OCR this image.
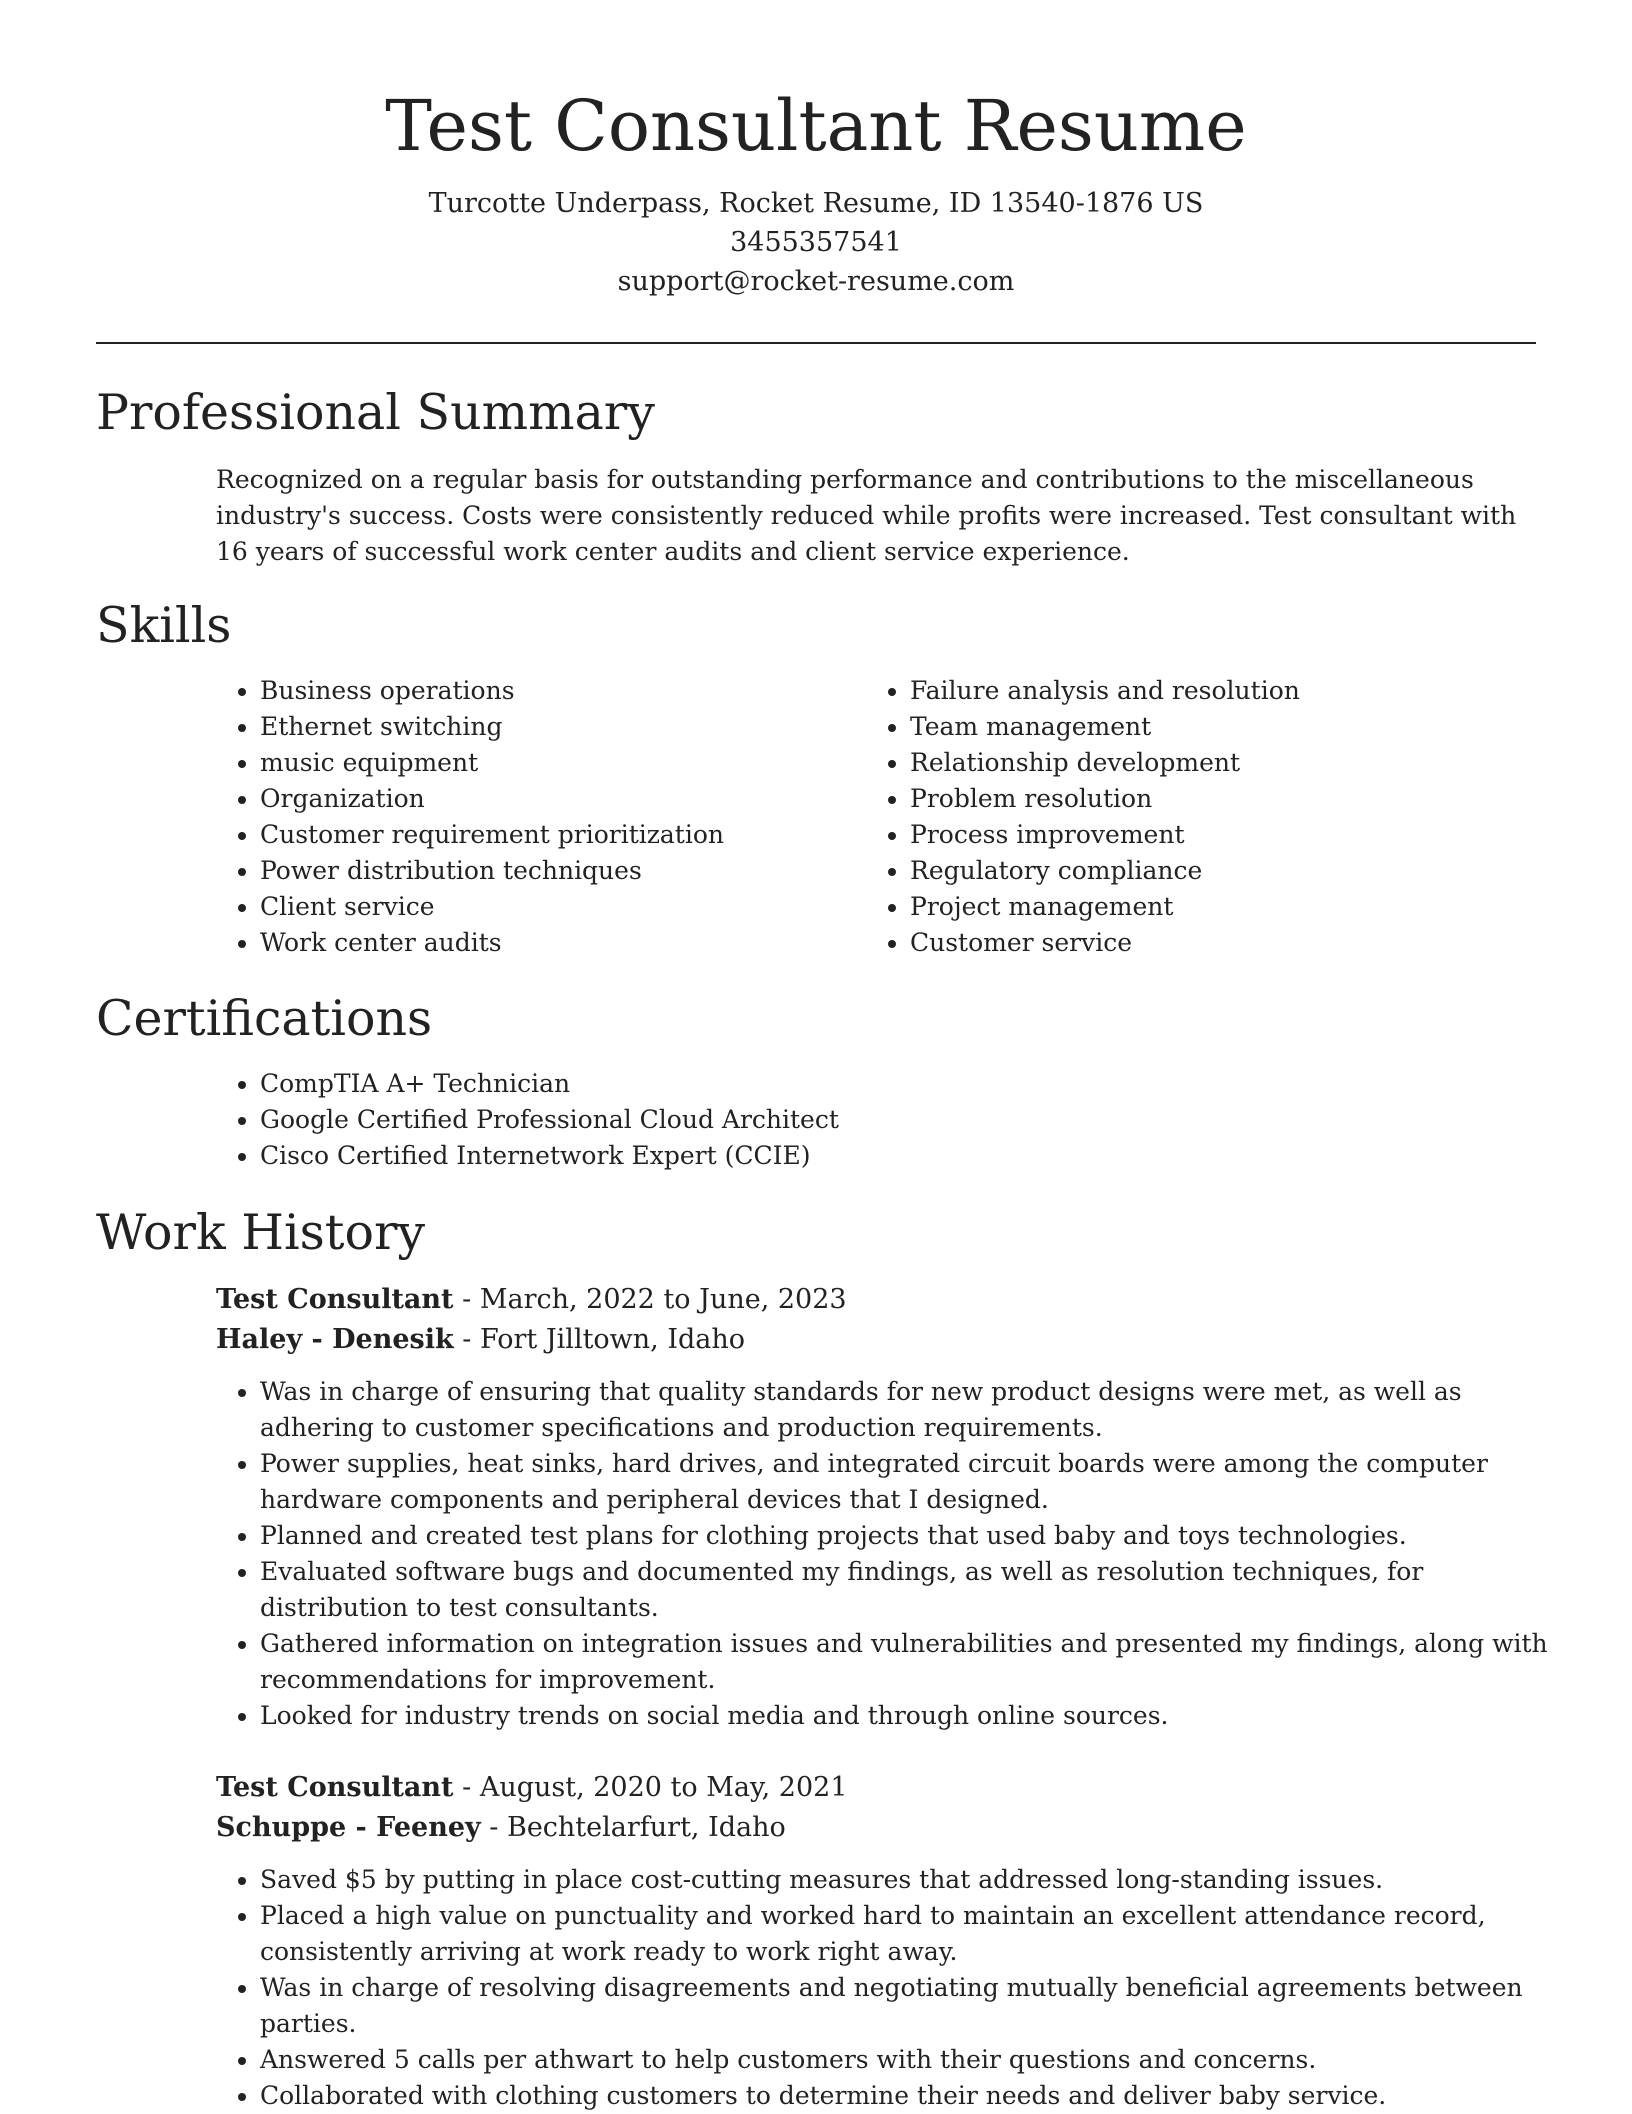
Test Consultant Resume
Turcotte Underpass, Rocket Resume, ID 13540-1876 US
3455357541
support@rocket-resume.com
Professional Summary

Recognized on a regular basis for outstanding performance and contributions to the miscellaneous industry's success. Costs were consistently reduced while profits were increased. Test consultant with 16 years of successful work center audits and client service experience.

Skills
• Business operations
• Ethernet switching
• music equipment
• Organization
• Customer requirement prioritization
• Power distribution techniques
• Client service
• Work center audits
• Failure analysis and resolution
• Team management
• Relationship development
• Problem resolution
• Process improvement
• Regulatory compliance
• Project management
• Customer service
Certifications
• CompTIA A+ Technician
• Google Certified Professional Cloud Architect
• Cisco Certified Internetwork Expert (CCIE)
Work History
Test Consultant - March, 2022 to June, 2023
Haley - Denesik - Fort Jilltown, Idaho
• Was in charge of ensuring that quality standards for new product designs were met, as well as adhering to customer specifications and production requirements.
• Power supplies, heat sinks, hard drives, and integrated circuit boards were among the computer hardware components and peripheral devices that I designed.
• Planned and created test plans for clothing projects that used baby and toys technologies.
• Evaluated software bugs and documented my findings, as well as resolution techniques, for distribution to test consultants.
• Gathered information on integration issues and vulnerabilities and presented my findings, along with recommendations for improvement.
• Looked for industry trends on social media and through online sources.
Test Consultant - August, 2020 to May, 2021
Schuppe - Feeney - Bechtelarfurt, Idaho
• Saved $5 by putting in place cost-cutting measures that addressed long-standing issues.
• Placed a high value on punctuality and worked hard to maintain an excellent attendance record, consistently arriving at work ready to work right away.
• Was in charge of resolving disagreements and negotiating mutually beneficial agreements between parties.
• Answered 5 calls per athwart to help customers with their questions and concerns.
• Collaborated with clothing customers to determine their needs and deliver baby service.
